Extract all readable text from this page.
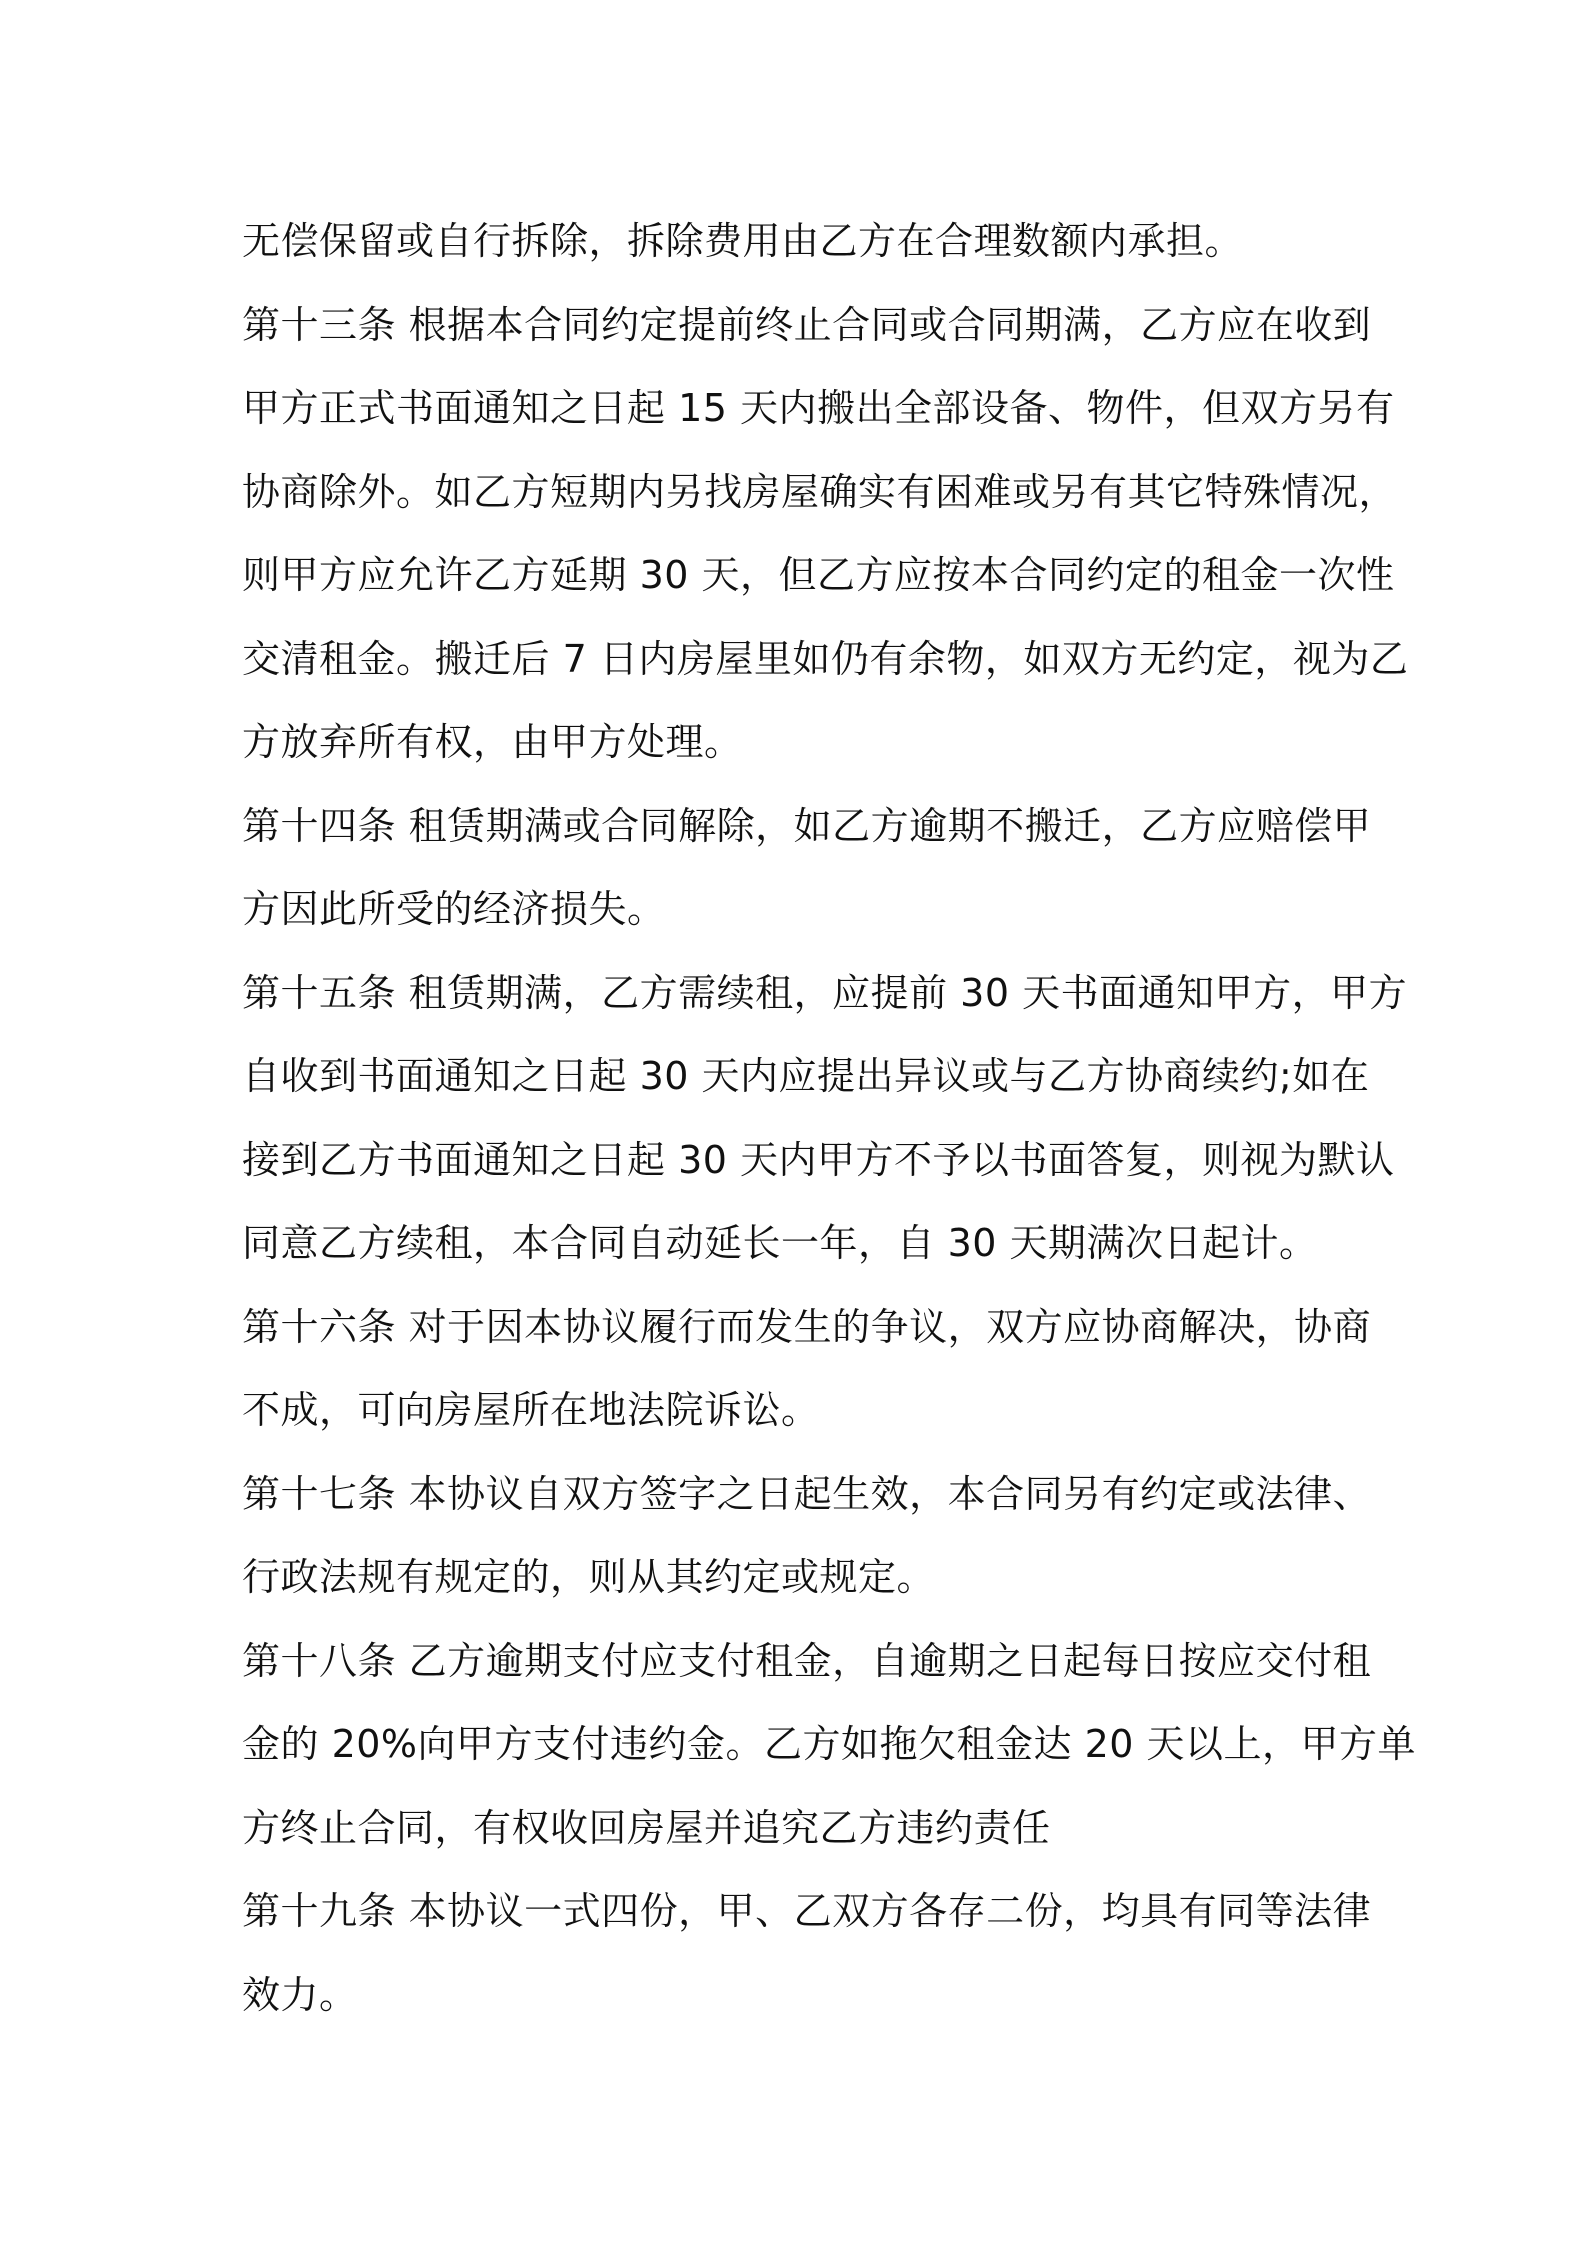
无偿保留或自行拆除，拆除费用由乙方在合理数额内承担。

第十三条 根据本合同约定提前终止合同或合同期满，乙方应在收到

甲方正式书面通知之日起 15 天内搬出全部设备、物件，但双方另有

协商除外。如乙方短期内另找房屋确实有困难或另有其它特殊情况，

则甲方应允许乙方延期 30 天，但乙方应按本合同约定的租金一次性

交清租金。搬迁后 7 日内房屋里如仍有余物，如双方无约定，视为乙

方放弃所有权，由甲方处理。

第十四条 租赁期满或合同解除，如乙方逾期不搬迁，乙方应赔偿甲

方因此所受的经济损失。

第十五条 租赁期满，乙方需续租，应提前 30 天书面通知甲方，甲方

自收到书面通知之日起 30 天内应提出异议或与乙方协商续约;如在

接到乙方书面通知之日起 30 天内甲方不予以书面答复，则视为默认

同意乙方续租，本合同自动延长一年，自 30 天期满次日起计。

第十六条 对于因本协议履行而发生的争议，双方应协商解决，协商

不成，可向房屋所在地法院诉讼。

第十七条 本协议自双方签字之日起生效，本合同另有约定或法律、

行政法规有规定的，则从其约定或规定。

第十八条 乙方逾期支付应支付租金，自逾期之日起每日按应交付租

金的 20%向甲方支付违约金。乙方如拖欠租金达 20 天以上，甲方单

方终止合同，有权收回房屋并追究乙方违约责任

第十九条 本协议一式四份，甲、乙双方各存二份，均具有同等法律

效力。
